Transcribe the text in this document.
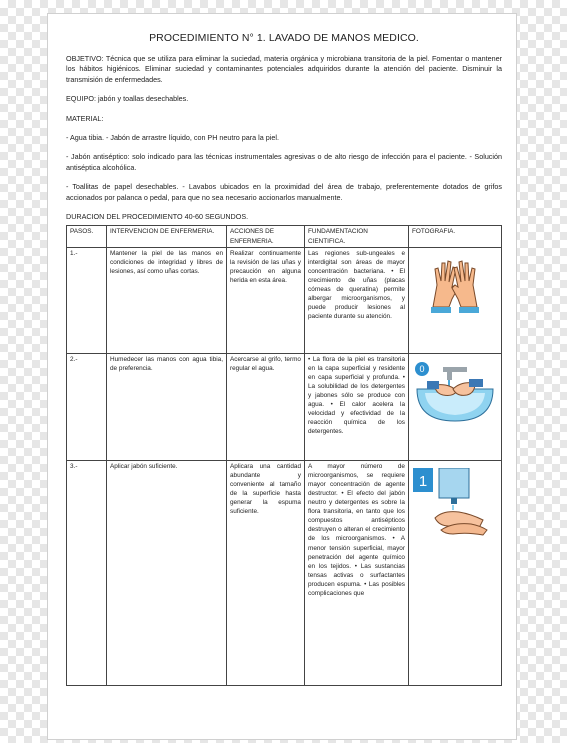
PROCEDIMIENTO N° 1. LAVADO DE MANOS MEDICO.

OBJETIVO: Técnica que se utiliza para eliminar la suciedad, materia orgánica y microbiana transitoria de la piel. Fomentar o mantener los hábitos higiénicos. Eliminar suciedad y contaminantes potenciales adquiridos durante la atención del paciente. Disminuir la transmisión de enfermedades.

EQUIPO: jabón y toallas desechables.

MATERIAL:

- Agua tibia. - Jabón de arrastre líquido, con PH neutro para la piel.

- Jabón antiséptico: solo indicado para las técnicas instrumentales agresivas o de alto riesgo de infección para el paciente. - Solución antiséptica alcohólica.

- Toallitas de papel desechables. - Lavabos ubicados en la proximidad del área de trabajo, preferentemente dotados de grifos accionados por palanca o pedal, para que no sea necesario accionarlos manualmente.

DURACION DEL PROCEDIMIENTO 40-60 SEGUNDOS.

PASOS.	INTERVENCION DE ENFERMERIA.	ACCIONES DE ENFERMERIA.	FUNDAMENTACION CIENTIFICA.	FOTOGRAFIA.
1.-	Mantener la piel de las manos en condiciones de integridad y libres de lesiones, así como uñas cortas.	Realizar continuamente la revisión de las uñas y precaución en alguna herida en esta área.	Las regiones sub-ungeales e interdigital son áreas de mayor concentración bacteriana. • El crecimiento de uñas (placas córneas de queratina) permite albergar microorganismos, y puede producir lesiones al paciente durante su atención.	

2.-	Humedecer las manos con agua tibia, de preferencia.	Acercarse al grifo, termo regular el agua.	• La flora de la piel es transitoria en la capa superficial y residente en capa superficial y profunda. • La solubilidad de los detergentes y jabones sólo se produce con agua. • El calor acelera la velocidad y efectividad de la reacción química de los detergentes.	0

3.-	Aplicar jabón suficiente.	Aplicara una cantidad abundante y conveniente al tamaño de la superficie hasta generar la espuma suficiente.	A mayor número de microorganismos, se requiere mayor concentración de agente destructor. • El efecto del jabón neutro y detergentes es sobre la flora transitoria, en tanto que los compuestos antisépticos destruyen o alteran el crecimiento de los microorganismos. • A menor tensión superficial, mayor penetración del agente químico en los tejidos. • Las sustancias tensas activas o surfactantes producen espuma. • Las posibles complicaciones que	1
